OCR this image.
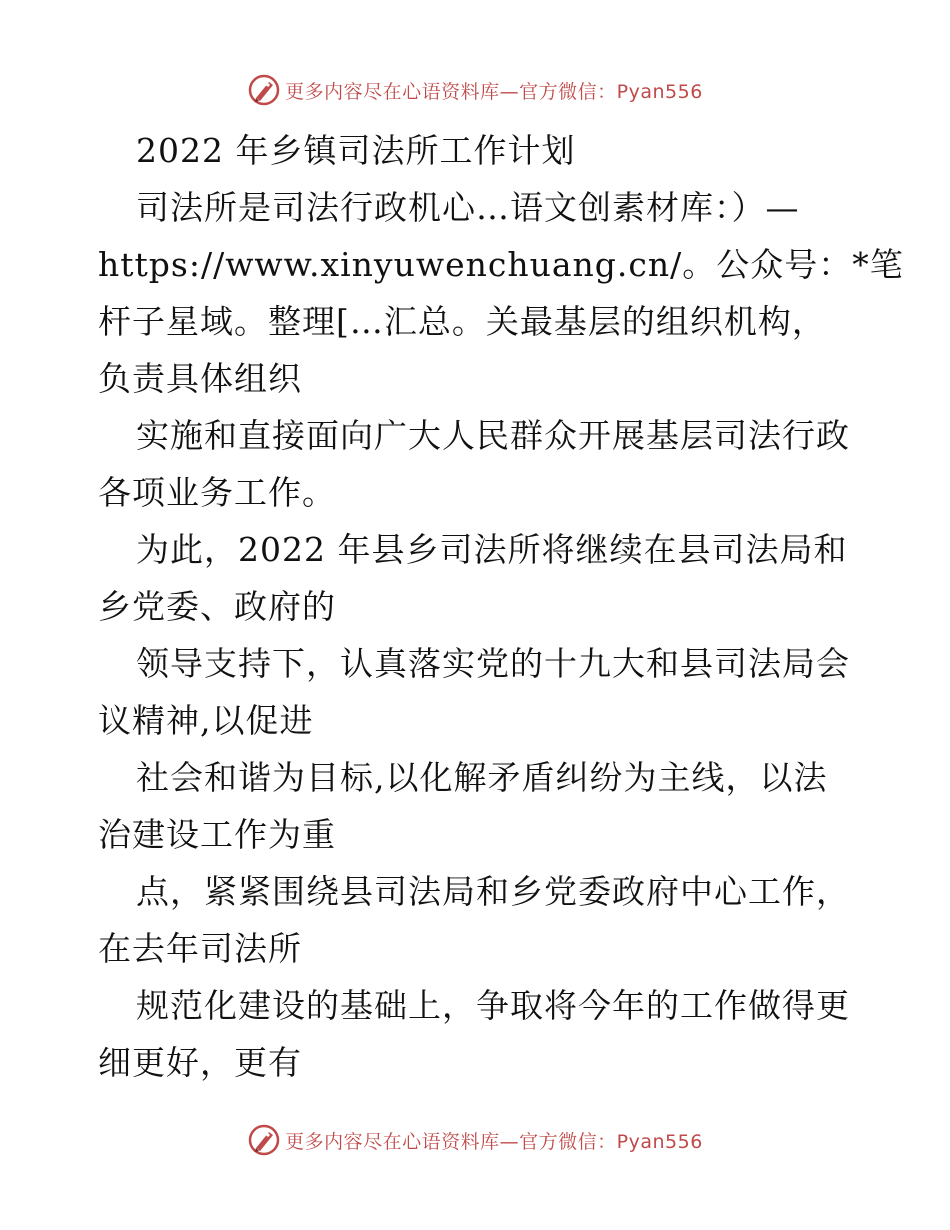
更多内容尽在心语资料库—官方微信：Pyan556
2022 年乡镇司法所工作计划
司法所是司法行政机心…语文创素材库：）—
https://www.xinyuwenchuang.cn/。公众号：*笔
杆子星域。整理[…汇总。关最基层的组织机构，
负责具体组织
实施和直接面向广大人民群众开展基层司法行政
各项业务工作。
为此，2022 年县乡司法所将继续在县司法局和
乡党委、政府的
领导支持下，认真落实党的十九大和县司法局会
议精神,以促进
社会和谐为目标,以化解矛盾纠纷为主线，以法
治建设工作为重
点，紧紧围绕县司法局和乡党委政府中心工作，
在去年司法所
规范化建设的基础上，争取将今年的工作做得更
细更好，更有
更多内容尽在心语资料库—官方微信：Pyan556
